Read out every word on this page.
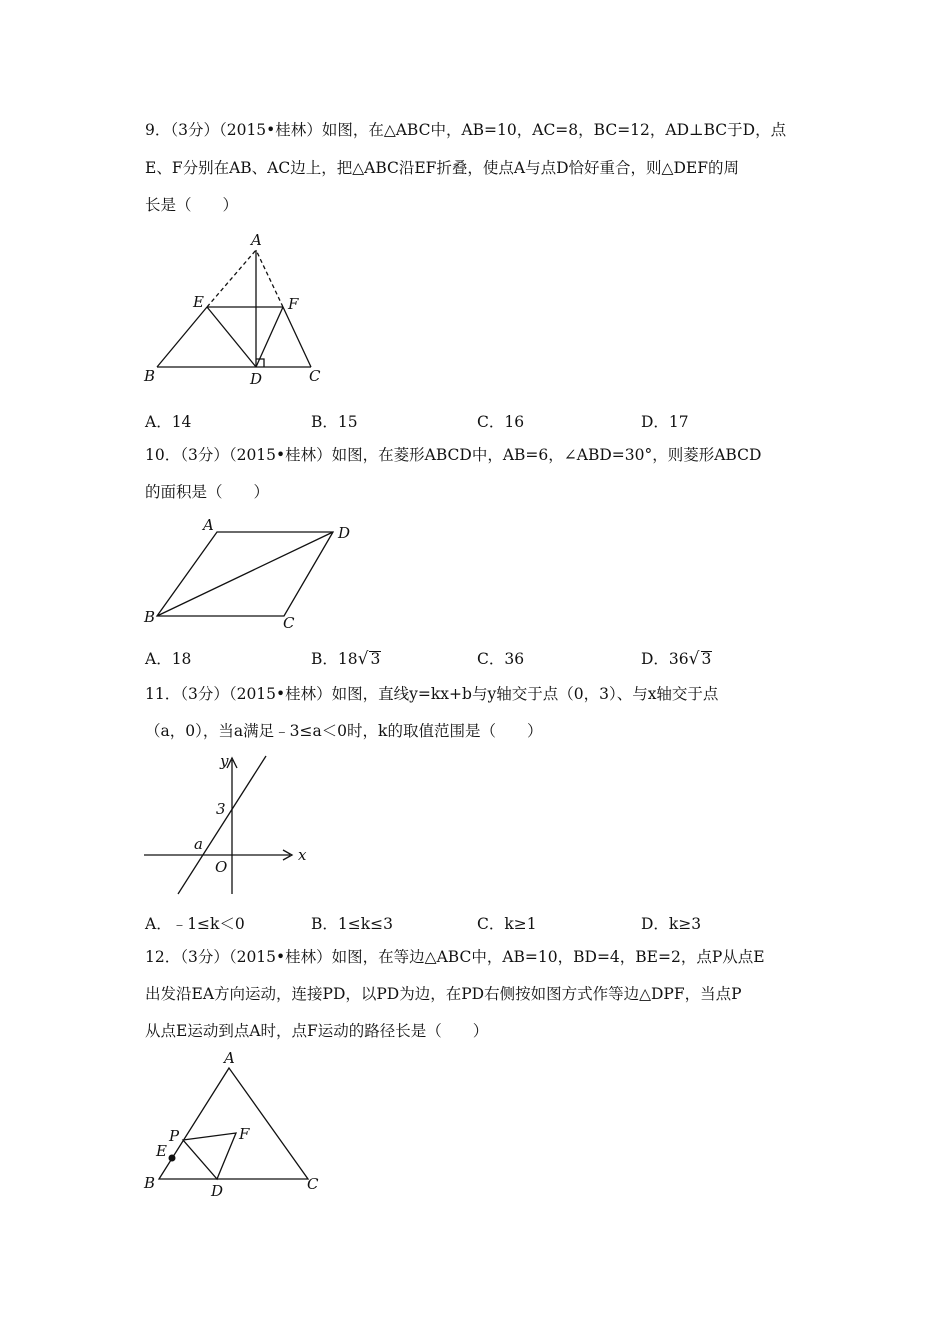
9．（3分）（2015•桂林）如图，在△ABC中，AB=10，AC=8，BC=12，AD⊥BC于D，点
E、F分别在AB、AC边上，把△ABC沿EF折叠，使点A与点D恰好重合，则△DEF的周
长是（　　）
A
E	F
B	D	C
A．14	B．15	C．16	D．17
10．（3分）（2015•桂林）如图，在菱形ABCD中，AB=6，∠ABD=30°，则菱形ABCD
的面积是（　　）
A	D
B	C
A．18	B．18√ 3	C．36	D．36√ 3
11．（3分）（2015•桂林）如图，直线y=kx+b与y轴交于点（0，3）、与x轴交于点
（a，0），当a满足﹣3≤a＜0时，k的取值范围是（　　）
y
x
3
a
O
A．﹣1≤k＜0	B．1≤k≤3	C．k≥1	D．k≥3
12．（3分）（2015•桂林）如图，在等边△ABC中，AB=10，BD=4，BE=2，点P从点E
出发沿EA方向运动，连接PD，以PD为边，在PD右侧按如图方式作等边△DPF，当点P
从点E运动到点A时，点F运动的路径长是（　　）
A
P	F
E
B	D	C
